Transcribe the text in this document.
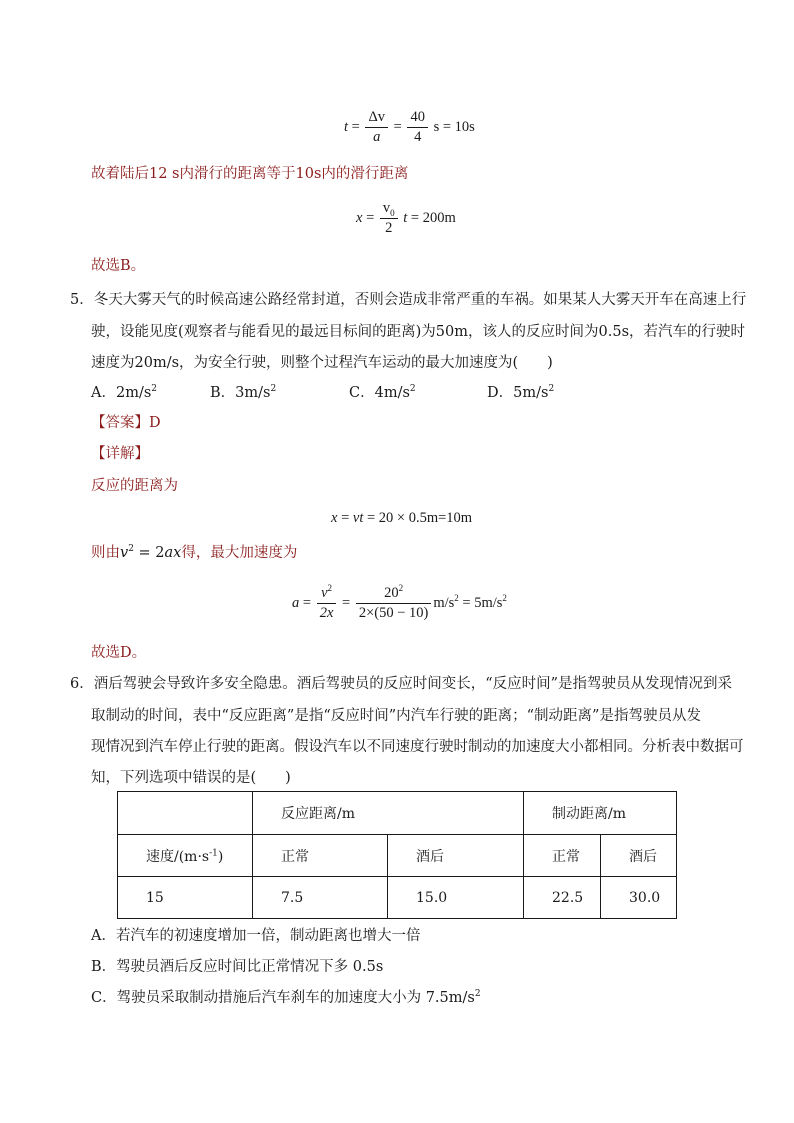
$t = \frac{\Delta v}{a} = \frac{40}{4}$ s = 10s
故着陆后12 s内滑行的距离等于10s内的滑行距离
$x = \frac{v_0}{2}$ t = 200m
故选B。
5．冬天大雾天气的时候高速公路经常封道，否则会造成非常严重的车祸。如果某人大雾天开车在高速上行
驶，设能见度(观察者与能看见的最远目标间的距离)为50m，该人的反应时间为0.5s，若汽车的行驶时
速度为20m/s，为安全行驶，则整个过程汽车运动的最大加速度为(　　)
A．$2m/s^2$	B．$3m/s^2$	C．$4m/s^2$	D．$5m/s^2$
【答案】D
【详解】
反应的距离为
x = vt = 20 × 0.5m=10m
则由$v^2 = 2ax$得，最大加速度为
$a = \frac{v^2}{2x} = \frac{20^2}{2\times(50 - 10)} m/s^2 = 5m/s^2$
故选D。
6．酒后驾驶会导致许多安全隐患。酒后驾驶员的反应时间变长，“反应时间”是指驾驶员从发现情况到采
取制动的时间，表中“反应距离”是指“反应时间”内汽车行驶的距离；“制动距离”是指驾驶员从发
现情况到汽车停止行驶的距离。假设汽车以不同速度行驶时制动的加速度大小都相同。分析表中数据可
知，下列选项中错误的是(　　)
	反应距离/m		制动距离/m	
速度$/(m\cdot s^{-1})$	正常	酒后	正常	酒后
15	7.5	15.0	22.5	30.0
A．若汽车的初速度增加一倍，制动距离也增大一倍
B．驾驶员酒后反应时间比正常情况下多 0.5s
C．驾驶员采取制动措施后汽车刹车的加速度大小为 $7.5m/s^2$
